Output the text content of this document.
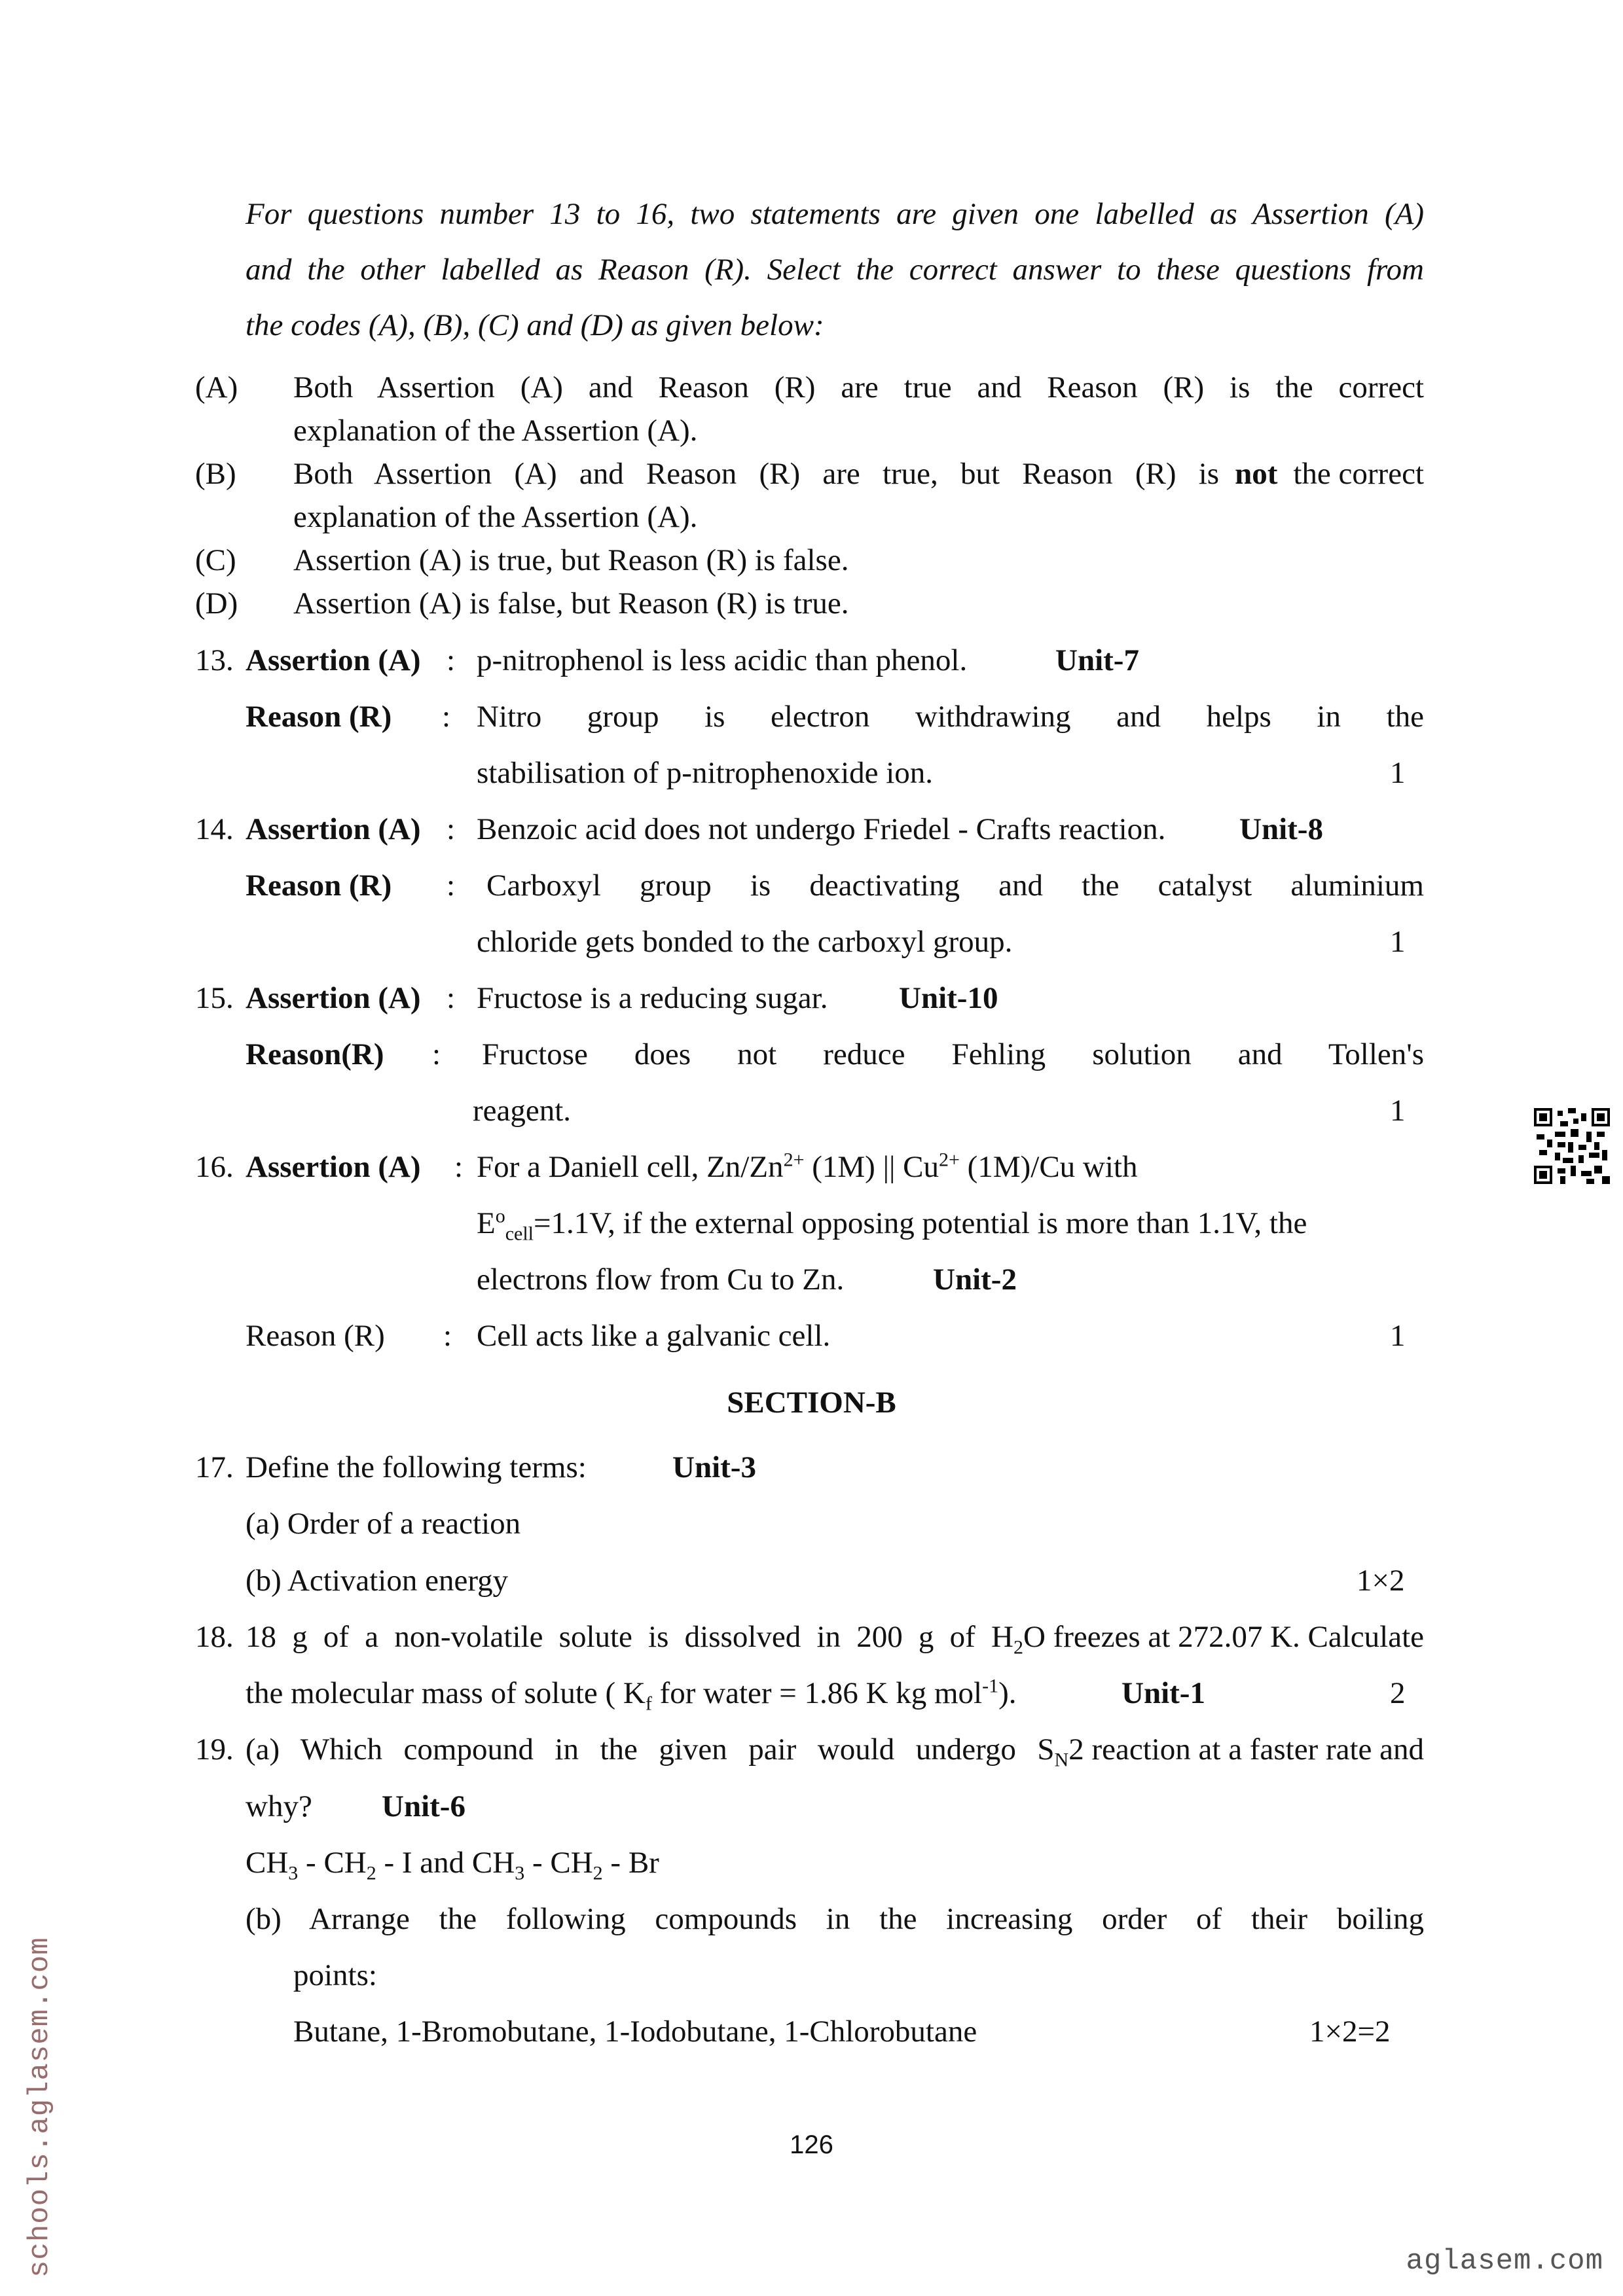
For questions number 13 to 16, two statements are given one labelled as Assertion (A)
and the other labelled as Reason (R). Select the correct answer to these questions from
the codes (A), (B), (C) and (D) as given below:
(A) Both Assertion (A) and Reason (R) are true and Reason (R) is the correct
explanation of the Assertion (A).
(B) Both Assertion (A) and Reason (R) are true, but Reason (R) is not the correct
explanation of the Assertion (A).
(C) Assertion (A) is true, but Reason (R) is false.
(D) Assertion (A) is false, but Reason (R) is true.
13. Assertion (A) : p-nitrophenol is less acidic than phenol.	Unit-7
Reason (R) : Nitro group is electron withdrawing and helps in the
stabilisation of p-nitrophenoxide ion.	1
14. Assertion (A) : Benzoic acid does not undergo Friedel - Crafts reaction. Unit-8
Reason (R) : Carboxyl group is deactivating and the catalyst aluminium
chloride gets bonded to the carboxyl group.	1
15. Assertion (A) : Fructose is a reducing sugar. Unit-10
Reason(R) : Fructose does not reduce Fehling solution and Tollen's
reagent.	1
16. Assertion (A) : For a Daniell cell, $Zn/Zn^{2+}$ (1M) || $Cu^{2+}$ (1M)/Cu with
$E^o_{cell}=1.1V$, if the external opposing potential is more than 1.1V, the
electrons flow from Cu to Zn.	Unit-2
Reason (R) : Cell acts like a galvanic cell.	1
SECTION-B
17. Define the following terms:	Unit-3
(a) Order of a reaction
(b) Activation energy	1×2
18. 18 g of a non-volatile solute is dissolved in 200 g of H $_2$O freezes at 272.07 K. Calculate
the molecular mass of solute ( $K_f$ for water = 1.86 K kg mol$^{-1}$).	Unit-1	2
19. (a) Which compound in the given pair would undergo S $_N$2 reaction at a faster rate and
why? Unit-6
$CH_3 - CH_2$ - I and $CH_3 - CH_2$ - Br
(b) Arrange the following compounds in the increasing order of their boiling
points:
Butane, 1-Bromobutane, 1-Iodobutane, 1-Chlorobutane	1×2=2
126
schools.aglasem.com	aglasem.com
